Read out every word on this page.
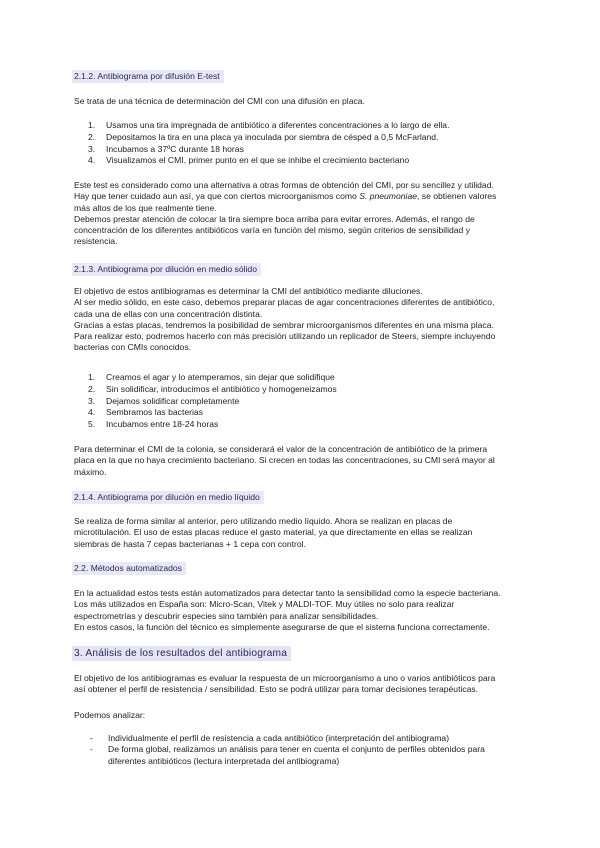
2.1.2. Antibiograma por difusión E-test

Se trata de una técnica de determinación del CMI con una difusión en placa.

1. Usamos una tira impregnada de antibiótico a diferentes concentraciones a lo largo de ella.
2. Depositamos la tira en una placa ya inoculada por siembra de césped a 0,5 McFarland.
3. Incubamos a 37ºC durante 18 horas
4. Visualizamos el CMI, primer punto en el que se inhibe el crecimiento bacteriano
Este test es considerado como una alternativa a otras formas de obtención del CMI, por su sencillez y utilidad.
Hay que tener cuidado aun así, ya que con ciertos microorganismos como S. pneumoniae, se obtienen valores
más altos de los que realmente tiene.
Debemos prestar atención de colocar la tira siempre boca arriba para evitar errores. Además, el rango de
concentración de los diferentes antibióticos varía en función del mismo, según criterios de sensibilidad y
resistencia.
2.1.3. Antibiograma por dilución en medio sólido
El objetivo de estos antibiogramas es determinar la CMI del antibiótico mediante diluciones.
Al ser medio sólido, en este caso, debemos preparar placas de agar concentraciones diferentes de antibiótico,
cada una de ellas con una concentración distinta.
Gracias a estas placas, tendremos la posibilidad de sembrar microorganismos diferentes en una misma placa.
Para realizar esto, podremos hacerlo con más precisión utilizando un replicador de Steers, siempre incluyendo
bacterias con CMIs conocidos.
1. Creamos el agar y lo atemperamos, sin dejar que solidifique
2. Sin solidificar, introducimos el antibiótico y homogeneizamos
3. Dejamos solidificar completamente
4. Sembramos las bacterias
5. Incubamos entre 18-24 horas
Para determinar el CMI de la colonia, se considerará el valor de la concentración de antibiótico de la primera
placa en la que no haya crecimiento bacteriano. Si crecen en todas las concentraciones, su CMI será mayor al
máximo.
2.1.4. Antibiograma por dilución en medio líquido
Se realiza de forma similar al anterior, pero utilizando medio líquido. Ahora se realizan en placas de
microtitulación. El uso de estas placas reduce el gasto material, ya que directamente en ellas se realizan
siembras de hasta 7 cepas bacterianas + 1 cepa con control.
2.2. Métodos automatizados
En la actualidad estos tests están automatizados para detectar tanto la sensibilidad como la especie bacteriana.
Los más utilizados en España son: Micro-Scan, Vitek y MALDI-TOF. Muy útiles no solo para realizar
espectrometrías y descubrir especies sino también para analizar sensibilidades.
En estos casos, la función del técnico es simplemente asegurarse de que el sistema funciona correctamente.
3. Análisis de los resultados del antibiograma
El objetivo de los antibiogramas es evaluar la respuesta de un microorganismo a uno o varios antibióticos para
así obtener el perfil de resistencia / sensibilidad. Esto se podrá utilizar para tomar decisiones terapéuticas.

Podemos analizar:

- Individualmente el perfil de resistencia a cada antibiótico (interpretación del antibiograma)
- De forma global, realizamos un análisis para tener en cuenta el conjunto de perfiles obtenidos para
diferentes antibióticos (lectura interpretada del antibiograma)
